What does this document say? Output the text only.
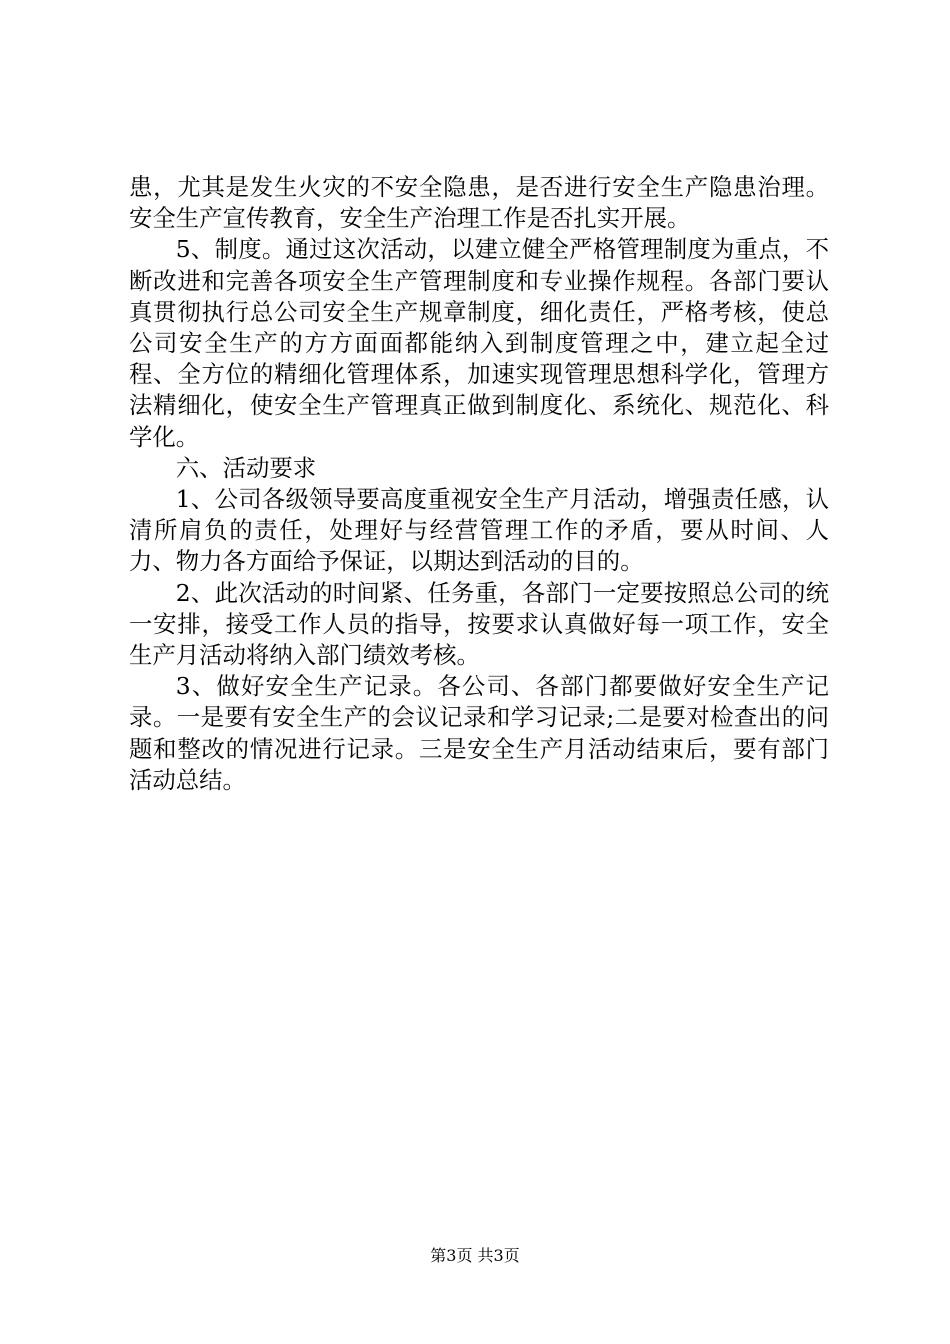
患，尤其是发生火灾的不安全隐患，是否进行安全生产隐患治理。安全生产宣传教育，安全生产治理工作是否扎实开展。

5、制度。通过这次活动，以建立健全严格管理制度为重点，不断改进和完善各项安全生产管理制度和专业操作规程。各部门要认真贯彻执行总公司安全生产规章制度，细化责任，严格考核，使总公司安全生产的方方面面都能纳入到制度管理之中，建立起全过程、全方位的精细化管理体系，加速实现管理思想科学化，管理方法精细化，使安全生产管理真正做到制度化、系统化、规范化、科学化。

六、活动要求

1、公司各级领导要高度重视安全生产月活动，增强责任感，认清所肩负的责任，处理好与经营管理工作的矛盾，要从时间、人力、物力各方面给予保证，以期达到活动的目的。

2、此次活动的时间紧、任务重，各部门一定要按照总公司的统一安排，接受工作人员的指导，按要求认真做好每一项工作，安全生产月活动将纳入部门绩效考核。

3、做好安全生产记录。各公司、各部门都要做好安全生产记录。一是要有安全生产的会议记录和学习记录;二是要对检查出的问题和整改的情况进行记录。三是安全生产月活动结束后，要有部门活动总结。

第3页 共3页
